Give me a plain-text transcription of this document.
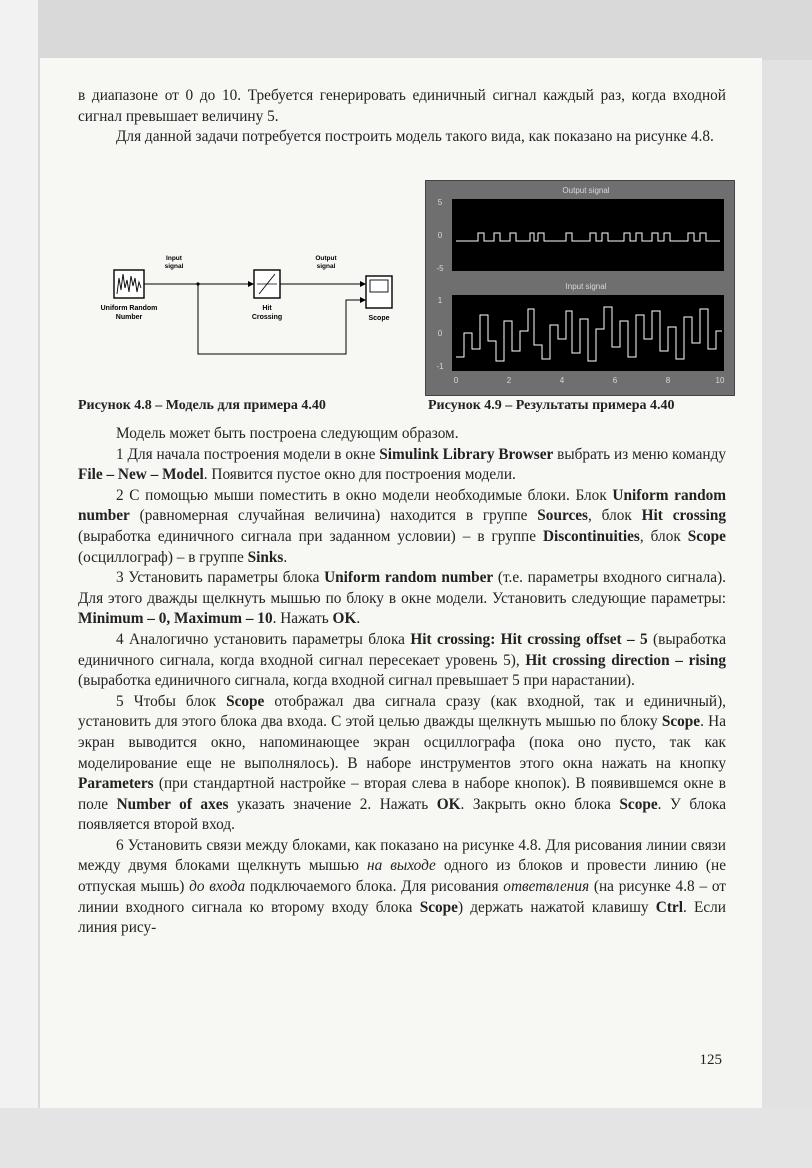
в диапазоне от 0 до 10. Требуется генерировать единичный сигнал каждый раз, когда входной сигнал превышает величину 5.

Для данной задачи потребуется построить модель такого вида, как показано на рисунке 4.8.

Uniform Random
Number
Input
signal
Hit
Crossing
Output
signal
Scope
Output signal
5
0
-5
Input signal
1
0
-1
0	2	4	6	8	10
Рисунок 4.8 – Модель для примера 4.40	Рисунок 4.9 – Результаты примера 4.40

Модель может быть построена следующим образом.

1 Для начала построения модели в окне Simulink Library Browser выбрать из меню команду File – New – Model. Появится пустое окно для построения модели.

2 С помощью мыши поместить в окно модели необходимые блоки. Блок Uniform random number (равномерная случайная величина) находится в группе Sources, блок Hit crossing (выработка единичного сигнала при заданном условии) – в группе Discontinuities, блок Scope (осциллограф) – в группе Sinks.

3 Установить параметры блока Uniform random number (т.е. параметры входного сигнала). Для этого дважды щелкнуть мышью по блоку в окне модели. Установить следующие параметры: Minimum – 0, Maximum – 10. Нажать OK.

4 Аналогично установить параметры блока Hit crossing: Hit crossing offset – 5 (выработка единичного сигнала, когда входной сигнал пересекает уровень 5), Hit crossing direction – rising (выработка единичного сигнала, когда входной сигнал превышает 5 при нарастании).

5 Чтобы блок Scope отображал два сигнала сразу (как входной, так и единичный), установить для этого блока два входа. С этой целью дважды щелкнуть мышью по блоку Scope. На экран выводится окно, напоминающее экран осциллографа (пока оно пусто, так как моделирование еще не выполнялось). В наборе инструментов этого окна нажать на кнопку Parameters (при стандартной настройке – вторая слева в наборе кнопок). В появившемся окне в поле Number of axes указать значение 2. Нажать OK. Закрыть окно блока Scope. У блока появляется второй вход.

6 Установить связи между блоками, как показано на рисунке 4.8. Для рисования линии связи между двумя блоками щелкнуть мышью на выходе одного из блоков и провести линию (не отпуская мышь) до входа подключаемого блока. Для рисования ответвления (на рисунке 4.8 – от линии входного сигнала ко второму входу блока Scope) держать нажатой клавишу Ctrl. Если линия рису-

125
